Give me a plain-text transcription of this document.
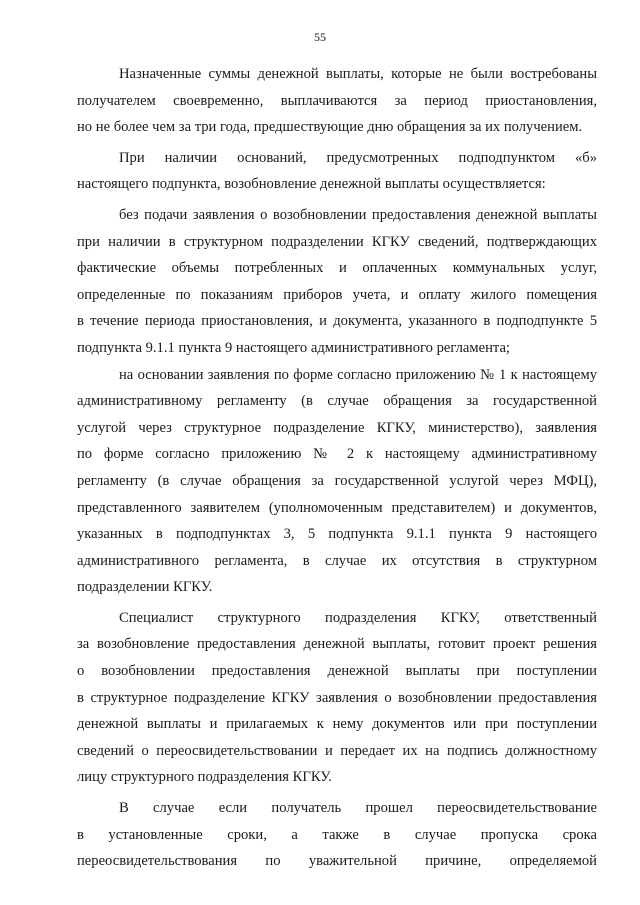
55

Назначенные суммы денежной выплаты, которые не были востребованы
получателем своевременно, выплачиваются за период приостановления,
но не более чем за три года, предшествующие дню обращения за их получением.

При наличии оснований, предусмотренных подподпунктом «б»
настоящего подпункта, возобновление денежной выплаты осуществляется:

без подачи заявления о возобновлении предоставления денежной выплаты
при наличии в структурном подразделении КГКУ сведений, подтверждающих
фактические объемы потребленных и оплаченных коммунальных услуг,
определенные по показаниям приборов учета, и оплату жилого помещения
в течение периода приостановления, и документа, указанного в подподпункте 5
подпункта 9.1.1 пункта 9 настоящего административного регламента;

на основании заявления по форме согласно приложению № 1 к настоящему
административному регламенту (в случае обращения за государственной
услугой через структурное подразделение КГКУ, министерство), заявления
по форме согласно приложению № 2 к настоящему административному
регламенту (в случае обращения за государственной услугой через МФЦ),
представленного заявителем (уполномоченным представителем) и документов,
указанных в подподпунктах 3, 5 подпункта 9.1.1 пункта 9 настоящего
административного регламента, в случае их отсутствия в структурном
подразделении КГКУ.

Специалист структурного подразделения КГКУ, ответственный
за возобновление предоставления денежной выплаты, готовит проект решения
о возобновлении предоставления денежной выплаты при поступлении
в структурное подразделение КГКУ заявления о возобновлении предоставления
денежной выплаты и прилагаемых к нему документов или при поступлении
сведений о переосвидетельствовании и передает их на подпись должностному
лицу структурного подразделения КГКУ.

В случае если получатель прошел переосвидетельствование
в установленные сроки, а также в случае пропуска срока
переосвидетельствования по уважительной причине, определяемой
